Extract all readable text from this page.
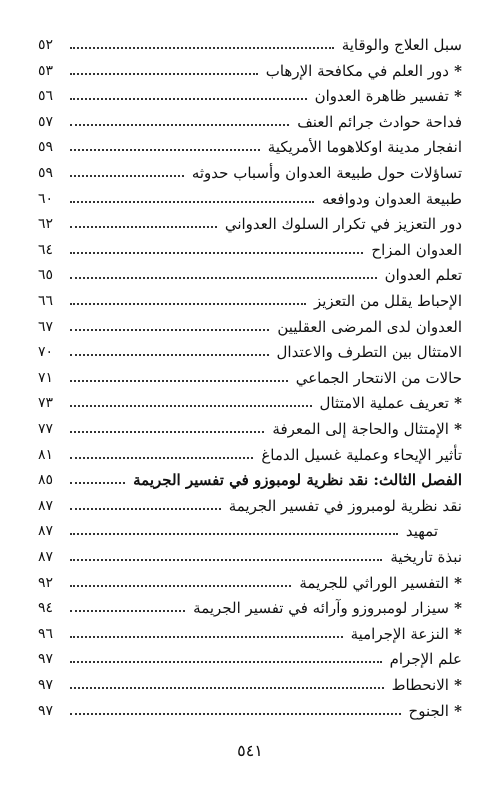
سبل العلاج والوقاية
٥٢
* دور العلم في مكافحة الإرهاب
٥٣
* تفسير ظاهرة العدوان
٥٦
فداحة حوادث جرائم العنف
٥٧
انفجار مدينة اوكلاهوما الأمريكية
٥٩
تساؤلات حول طبيعة العدوان وأسباب حدوثه
٥٩
طبيعة العدوان ودوافعه
٦٠
دور التعزيز في تكرار السلوك العدواني
٦٢
العدوان المزاح
٦٤
تعلم العدوان
٦٥
الإحباط يقلل من التعزيز
٦٦
العدوان لدى المرضى العقليين
٦٧
الامتثال بين التطرف والاعتدال
٧٠
حالات من الانتحار الجماعي
٧١
* تعريف عملية الامتثال
٧٣
* الإمتثال والحاجة إلى المعرفة
٧٧
تأثير الإيحاء وعملية غسيل الدماغ
٨١
الفصل الثالث: نقد نظرية لومبوزو في تفسير الجريمة
٨٥
نقد نظرية لومبروز في تفسير الجريمة
٨٧
تمهيد
٨٧
نبذة تاريخية
٨٧
* التفسير الوراثي للجريمة
٩٢
* سيزار لومبروزو وآرائه في تفسير الجريمة
٩٤
* النزعة الإجرامية
٩٦
علم الإجرام
٩٧
* الانحطاط
٩٧
* الجنوح
٩٧
٥٤١
